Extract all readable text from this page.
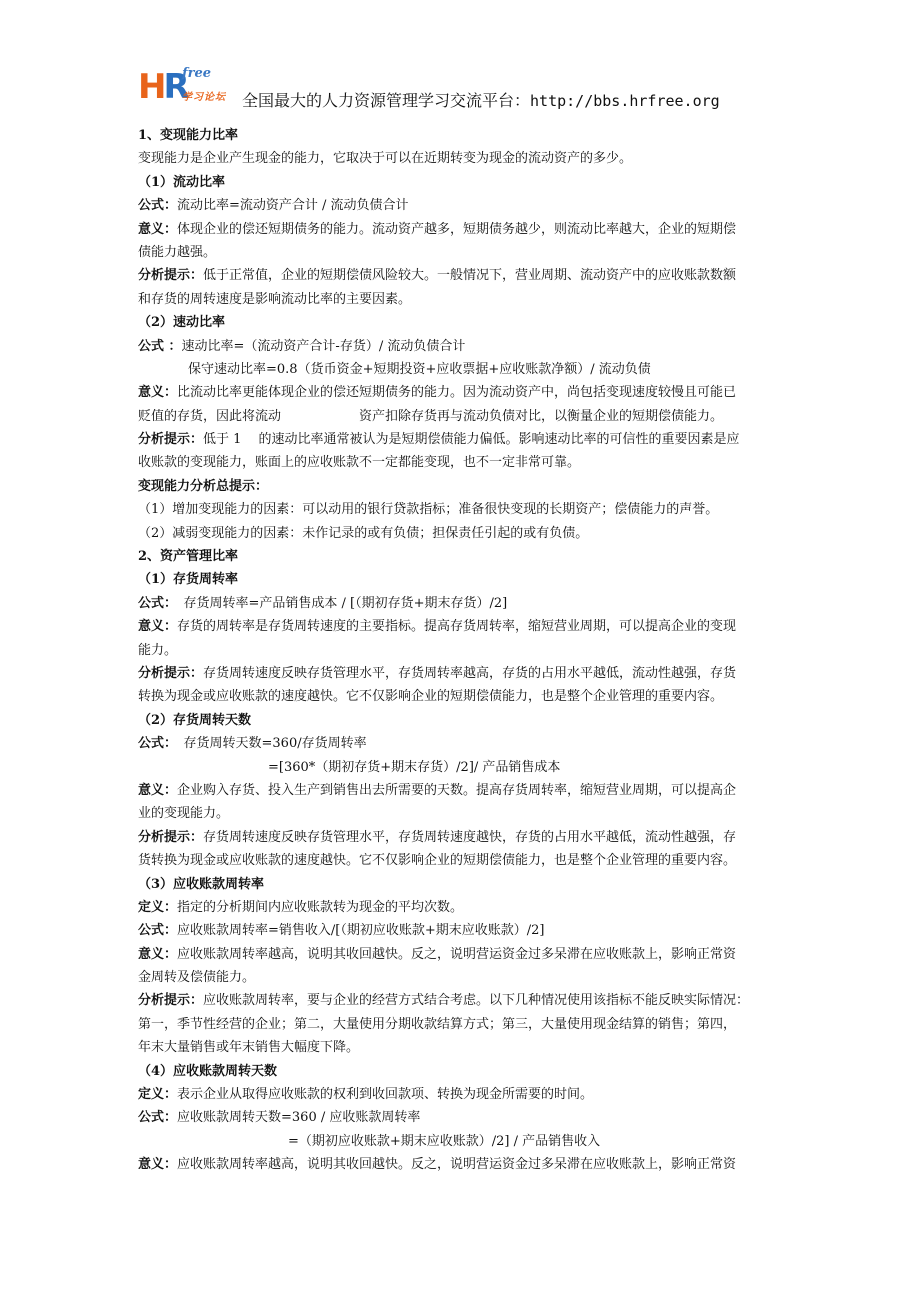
HR
free
学习论坛 全国最大的人力资源管理学习交流平台：http://bbs.hrfree.org
1、变现能力比率
变现能力是企业产生现金的能力，它取决于可以在近期转变为现金的流动资产的多少。
（1）流动比率
公式：流动比率=流动资产合计 / 流动负债合计
意义：体现企业的偿还短期债务的能力。流动资产越多，短期债务越少，则流动比率越大，企业的短期偿
债能力越强。
分析提示：低于正常值，企业的短期偿债风险较大。一般情况下，营业周期、流动资产中的应收账款数额
和存货的周转速度是影响流动比率的主要因素。
（2）速动比率
公式 ：速动比率=（流动资产合计-存货）/ 流动负债合计
保守速动比率=0.8（货币资金+短期投资+应收票据+应收账款净额）/ 流动负债
意义：比流动比率更能体现企业的偿还短期债务的能力。因为流动资产中，尚包括变现速度较慢且可能已
贬值的存货，因此将流动　　　　　　资产扣除存货再与流动负债对比，以衡量企业的短期偿债能力。
分析提示：低于 1　 的速动比率通常被认为是短期偿债能力偏低。影响速动比率的可信性的重要因素是应
收账款的变现能力，账面上的应收账款不一定都能变现，也不一定非常可靠。
变现能力分析总提示：
（1）增加变现能力的因素：可以动用的银行贷款指标；准备很快变现的长期资产；偿债能力的声誉。
（2）减弱变现能力的因素：未作记录的或有负债；担保责任引起的或有负债。
2、资产管理比率
（1）存货周转率
公式：　存货周转率=产品销售成本 / [（期初存货+期末存货）/2]
意义：存货的周转率是存货周转速度的主要指标。提高存货周转率，缩短营业周期，可以提高企业的变现
能力。
分析提示：存货周转速度反映存货管理水平，存货周转率越高，存货的占用水平越低，流动性越强，存货
转换为现金或应收账款的速度越快。它不仅影响企业的短期偿债能力，也是整个企业管理的重要内容。
（2）存货周转天数
公式：　存货周转天数=360/存货周转率
=[360*（期初存货+期末存货）/2]/ 产品销售成本
意义：企业购入存货、投入生产到销售出去所需要的天数。提高存货周转率，缩短营业周期，可以提高企
业的变现能力。
分析提示：存货周转速度反映存货管理水平，存货周转速度越快，存货的占用水平越低，流动性越强，存
货转换为现金或应收账款的速度越快。它不仅影响企业的短期偿债能力，也是整个企业管理的重要内容。
（3）应收账款周转率
定义：指定的分析期间内应收账款转为现金的平均次数。
公式：应收账款周转率=销售收入/[（期初应收账款+期末应收账款）/2]
意义：应收账款周转率越高，说明其收回越快。反之，说明营运资金过多呆滞在应收账款上，影响正常资
金周转及偿债能力。
分析提示：应收账款周转率，要与企业的经营方式结合考虑。以下几种情况使用该指标不能反映实际情况：
第一，季节性经营的企业；第二，大量使用分期收款结算方式；第三，大量使用现金结算的销售；第四，
年末大量销售或年末销售大幅度下降。
（4）应收账款周转天数
定义：表示企业从取得应收账款的权利到收回款项、转换为现金所需要的时间。
公式：应收账款周转天数=360 / 应收账款周转率
=（期初应收账款+期末应收账款）/2] / 产品销售收入
意义：应收账款周转率越高，说明其收回越快。反之，说明营运资金过多呆滞在应收账款上，影响正常资
